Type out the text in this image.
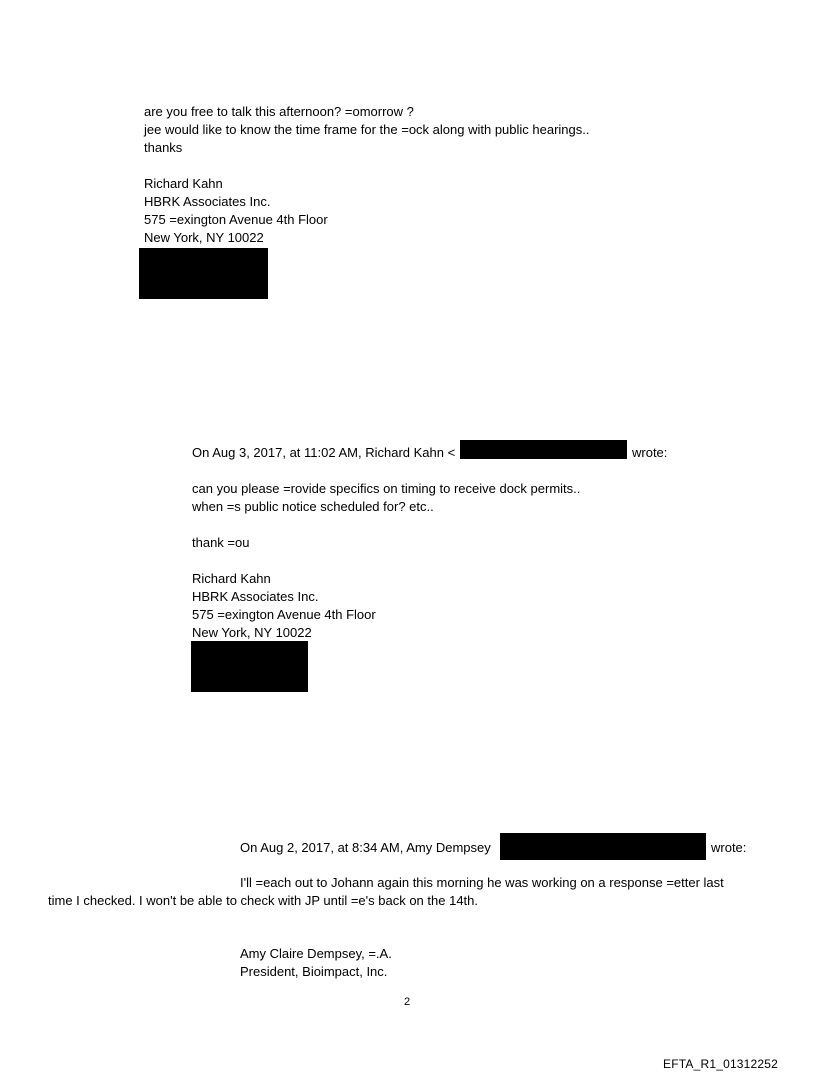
are you free to talk this afternoon? =omorrow ?
jee would like to know the time frame for the =ock along with public hearings..
thanks
Richard Kahn
HBRK Associates Inc.
575 =exington Avenue 4th Floor
New York, NY 10022
On Aug 3, 2017, at 11:02 AM, Richard Kahn <	wrote:
can you please =rovide specifics on timing to receive dock permits..
when =s public notice scheduled for? etc..
thank =ou
Richard Kahn
HBRK Associates Inc.
575 =exington Avenue 4th Floor
New York, NY 10022
On Aug 2, 2017, at 8:34 AM, Amy Dempsey	wrote:
I'll =each out to Johann again this morning he was working on a response =etter last
time I checked. I won't be able to check with JP until =e's back on the 14th.
Amy Claire Dempsey, =.A.
President, Bioimpact, Inc.
2
EFTA_R1_01312252
